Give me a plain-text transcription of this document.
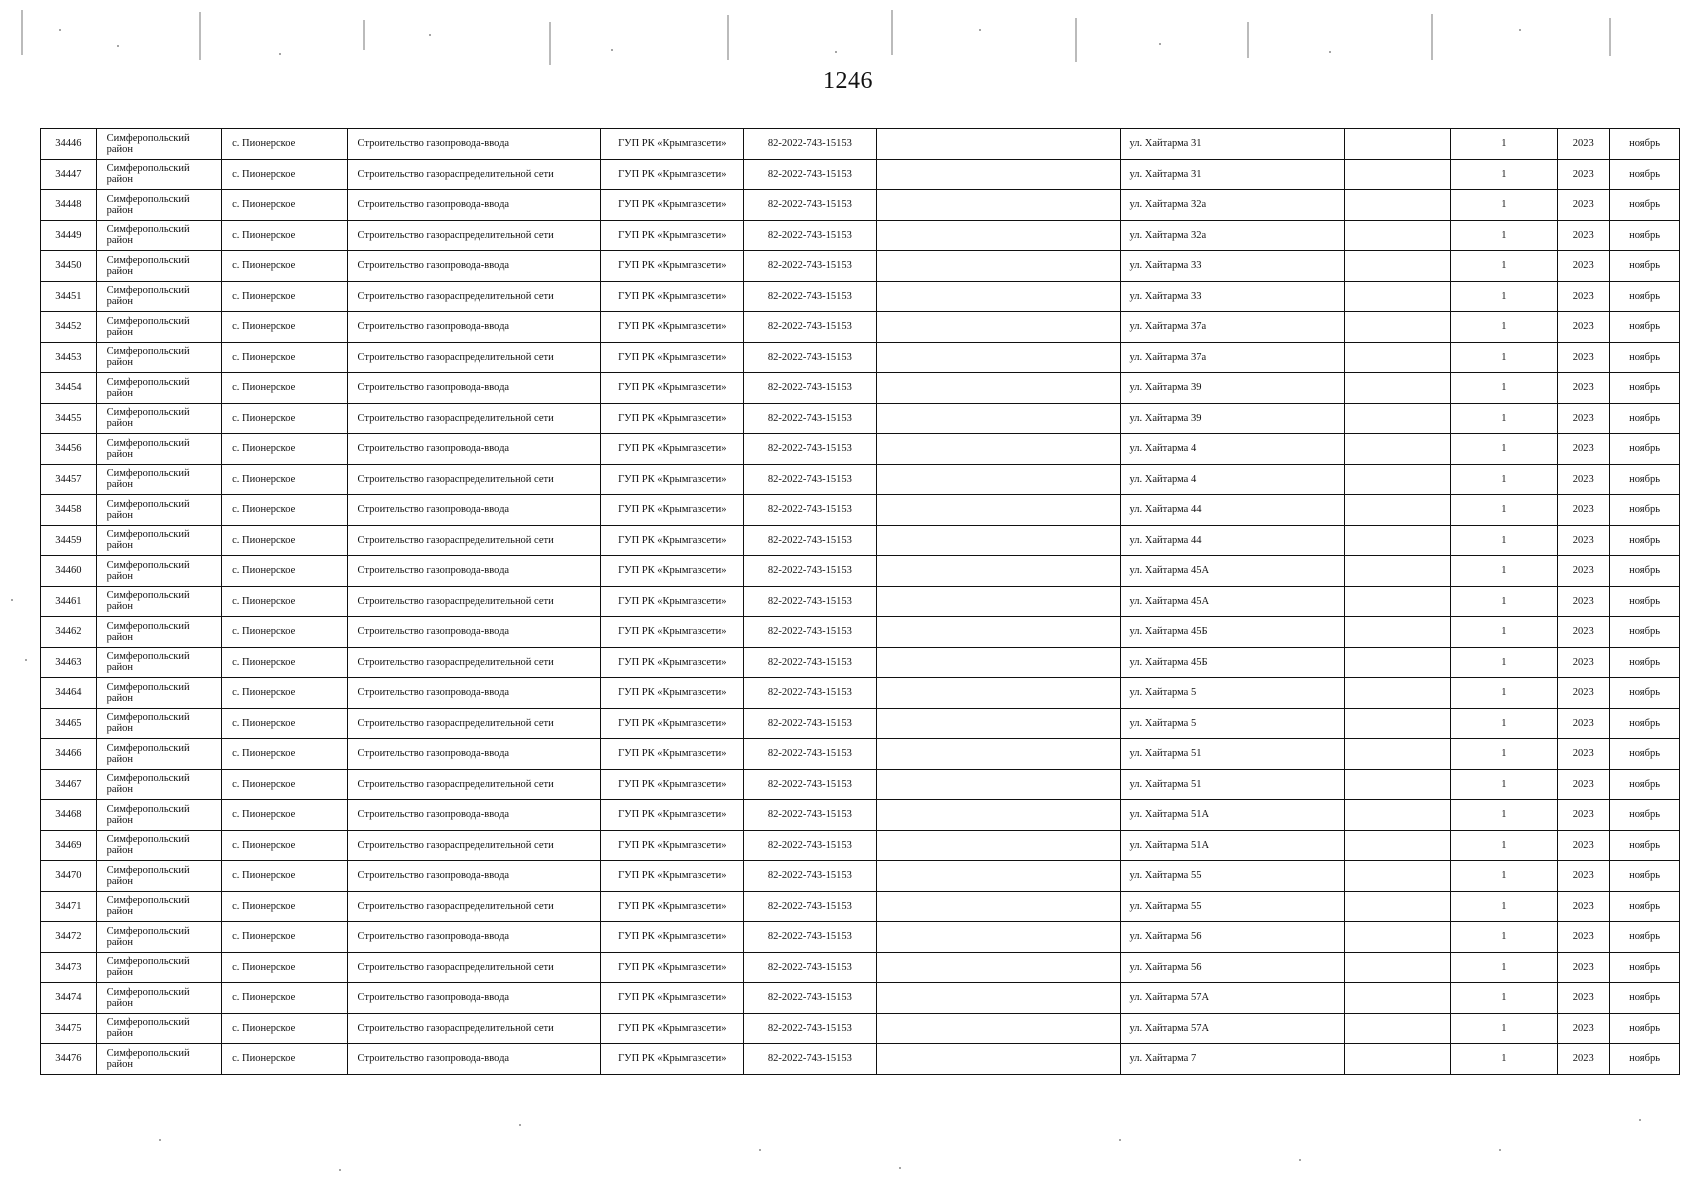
1246
34446	Симферопольский район	с. Пионерское	Строительство газопровода-ввода	ГУП РК «Крымгазсети»	82-2022-743-15153		ул. Хайтарма 31		1	2023	ноябрь
34447	Симферопольский район	с. Пионерское	Строительство газораспределительной сети	ГУП РК «Крымгазсети»	82-2022-743-15153		ул. Хайтарма 31		1	2023	ноябрь
34448	Симферопольский район	с. Пионерское	Строительство газопровода-ввода	ГУП РК «Крымгазсети»	82-2022-743-15153		ул. Хайтарма 32а		1	2023	ноябрь
34449	Симферопольский район	с. Пионерское	Строительство газораспределительной сети	ГУП РК «Крымгазсети»	82-2022-743-15153		ул. Хайтарма 32а		1	2023	ноябрь
34450	Симферопольский район	с. Пионерское	Строительство газопровода-ввода	ГУП РК «Крымгазсети»	82-2022-743-15153		ул. Хайтарма 33		1	2023	ноябрь
34451	Симферопольский район	с. Пионерское	Строительство газораспределительной сети	ГУП РК «Крымгазсети»	82-2022-743-15153		ул. Хайтарма 33		1	2023	ноябрь
34452	Симферопольский район	с. Пионерское	Строительство газопровода-ввода	ГУП РК «Крымгазсети»	82-2022-743-15153		ул. Хайтарма 37а		1	2023	ноябрь
34453	Симферопольский район	с. Пионерское	Строительство газораспределительной сети	ГУП РК «Крымгазсети»	82-2022-743-15153		ул. Хайтарма 37а		1	2023	ноябрь
34454	Симферопольский район	с. Пионерское	Строительство газопровода-ввода	ГУП РК «Крымгазсети»	82-2022-743-15153		ул. Хайтарма 39		1	2023	ноябрь
34455	Симферопольский район	с. Пионерское	Строительство газораспределительной сети	ГУП РК «Крымгазсети»	82-2022-743-15153		ул. Хайтарма 39		1	2023	ноябрь
34456	Симферопольский район	с. Пионерское	Строительство газопровода-ввода	ГУП РК «Крымгазсети»	82-2022-743-15153		ул. Хайтарма 4		1	2023	ноябрь
34457	Симферопольский район	с. Пионерское	Строительство газораспределительной сети	ГУП РК «Крымгазсети»	82-2022-743-15153		ул. Хайтарма 4		1	2023	ноябрь
34458	Симферопольский район	с. Пионерское	Строительство газопровода-ввода	ГУП РК «Крымгазсети»	82-2022-743-15153		ул. Хайтарма 44		1	2023	ноябрь
34459	Симферопольский район	с. Пионерское	Строительство газораспределительной сети	ГУП РК «Крымгазсети»	82-2022-743-15153		ул. Хайтарма 44		1	2023	ноябрь
34460	Симферопольский район	с. Пионерское	Строительство газопровода-ввода	ГУП РК «Крымгазсети»	82-2022-743-15153		ул. Хайтарма 45А		1	2023	ноябрь
34461	Симферопольский район	с. Пионерское	Строительство газораспределительной сети	ГУП РК «Крымгазсети»	82-2022-743-15153		ул. Хайтарма 45А		1	2023	ноябрь
34462	Симферопольский район	с. Пионерское	Строительство газопровода-ввода	ГУП РК «Крымгазсети»	82-2022-743-15153		ул. Хайтарма 45Б		1	2023	ноябрь
34463	Симферопольский район	с. Пионерское	Строительство газораспределительной сети	ГУП РК «Крымгазсети»	82-2022-743-15153		ул. Хайтарма 45Б		1	2023	ноябрь
34464	Симферопольский район	с. Пионерское	Строительство газопровода-ввода	ГУП РК «Крымгазсети»	82-2022-743-15153		ул. Хайтарма 5		1	2023	ноябрь
34465	Симферопольский район	с. Пионерское	Строительство газораспределительной сети	ГУП РК «Крымгазсети»	82-2022-743-15153		ул. Хайтарма 5		1	2023	ноябрь
34466	Симферопольский район	с. Пионерское	Строительство газопровода-ввода	ГУП РК «Крымгазсети»	82-2022-743-15153		ул. Хайтарма 51		1	2023	ноябрь
34467	Симферопольский район	с. Пионерское	Строительство газораспределительной сети	ГУП РК «Крымгазсети»	82-2022-743-15153		ул. Хайтарма 51		1	2023	ноябрь
34468	Симферопольский район	с. Пионерское	Строительство газопровода-ввода	ГУП РК «Крымгазсети»	82-2022-743-15153		ул. Хайтарма 51А		1	2023	ноябрь
34469	Симферопольский район	с. Пионерское	Строительство газораспределительной сети	ГУП РК «Крымгазсети»	82-2022-743-15153		ул. Хайтарма 51А		1	2023	ноябрь
34470	Симферопольский район	с. Пионерское	Строительство газопровода-ввода	ГУП РК «Крымгазсети»	82-2022-743-15153		ул. Хайтарма 55		1	2023	ноябрь
34471	Симферопольский район	с. Пионерское	Строительство газораспределительной сети	ГУП РК «Крымгазсети»	82-2022-743-15153		ул. Хайтарма 55		1	2023	ноябрь
34472	Симферопольский район	с. Пионерское	Строительство газопровода-ввода	ГУП РК «Крымгазсети»	82-2022-743-15153		ул. Хайтарма 56		1	2023	ноябрь
34473	Симферопольский район	с. Пионерское	Строительство газораспределительной сети	ГУП РК «Крымгазсети»	82-2022-743-15153		ул. Хайтарма 56		1	2023	ноябрь
34474	Симферопольский район	с. Пионерское	Строительство газопровода-ввода	ГУП РК «Крымгазсети»	82-2022-743-15153		ул. Хайтарма 57А		1	2023	ноябрь
34475	Симферопольский район	с. Пионерское	Строительство газораспределительной сети	ГУП РК «Крымгазсети»	82-2022-743-15153		ул. Хайтарма 57А		1	2023	ноябрь
34476	Симферопольский район	с. Пионерское	Строительство газопровода-ввода	ГУП РК «Крымгазсети»	82-2022-743-15153		ул. Хайтарма 7		1	2023	ноябрь
